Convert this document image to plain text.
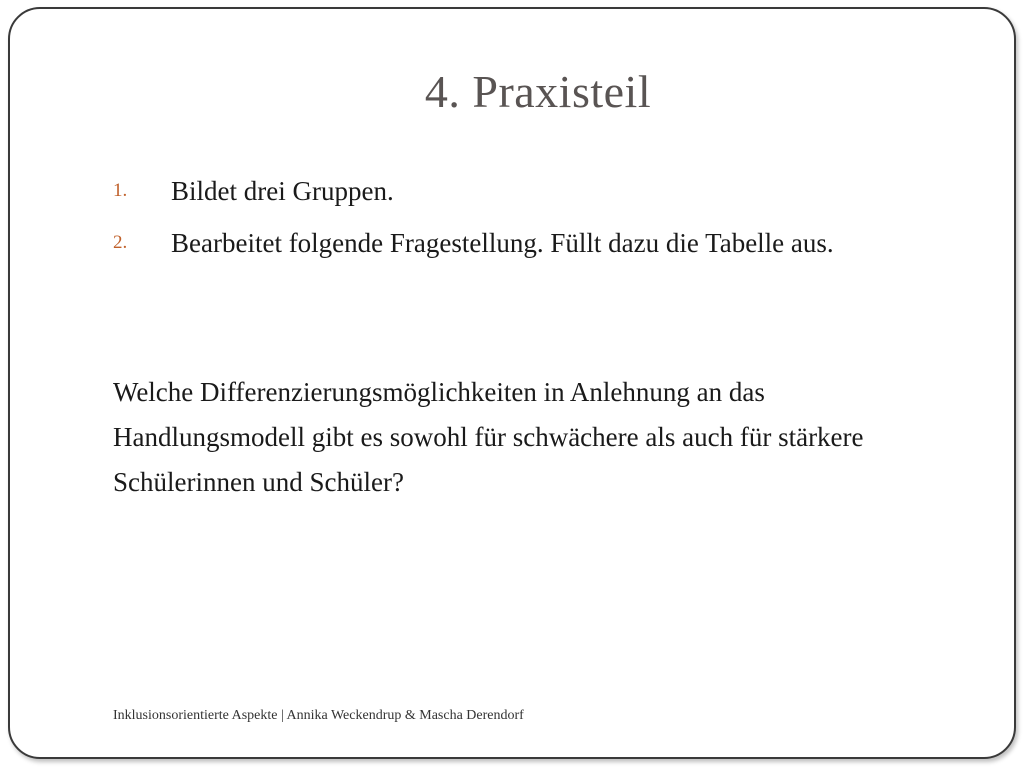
4. Praxisteil
1. Bildet drei Gruppen.
2. Bearbeitet folgende Fragestellung. Füllt dazu die Tabelle aus.

Welche Differenzierungsmöglichkeiten in Anlehnung an das Handlungsmodell gibt es sowohl für schwächere als auch für stärkere Schülerinnen und Schüler?

Inklusionsorientierte Aspekte | Annika Weckendrup & Mascha Derendorf
